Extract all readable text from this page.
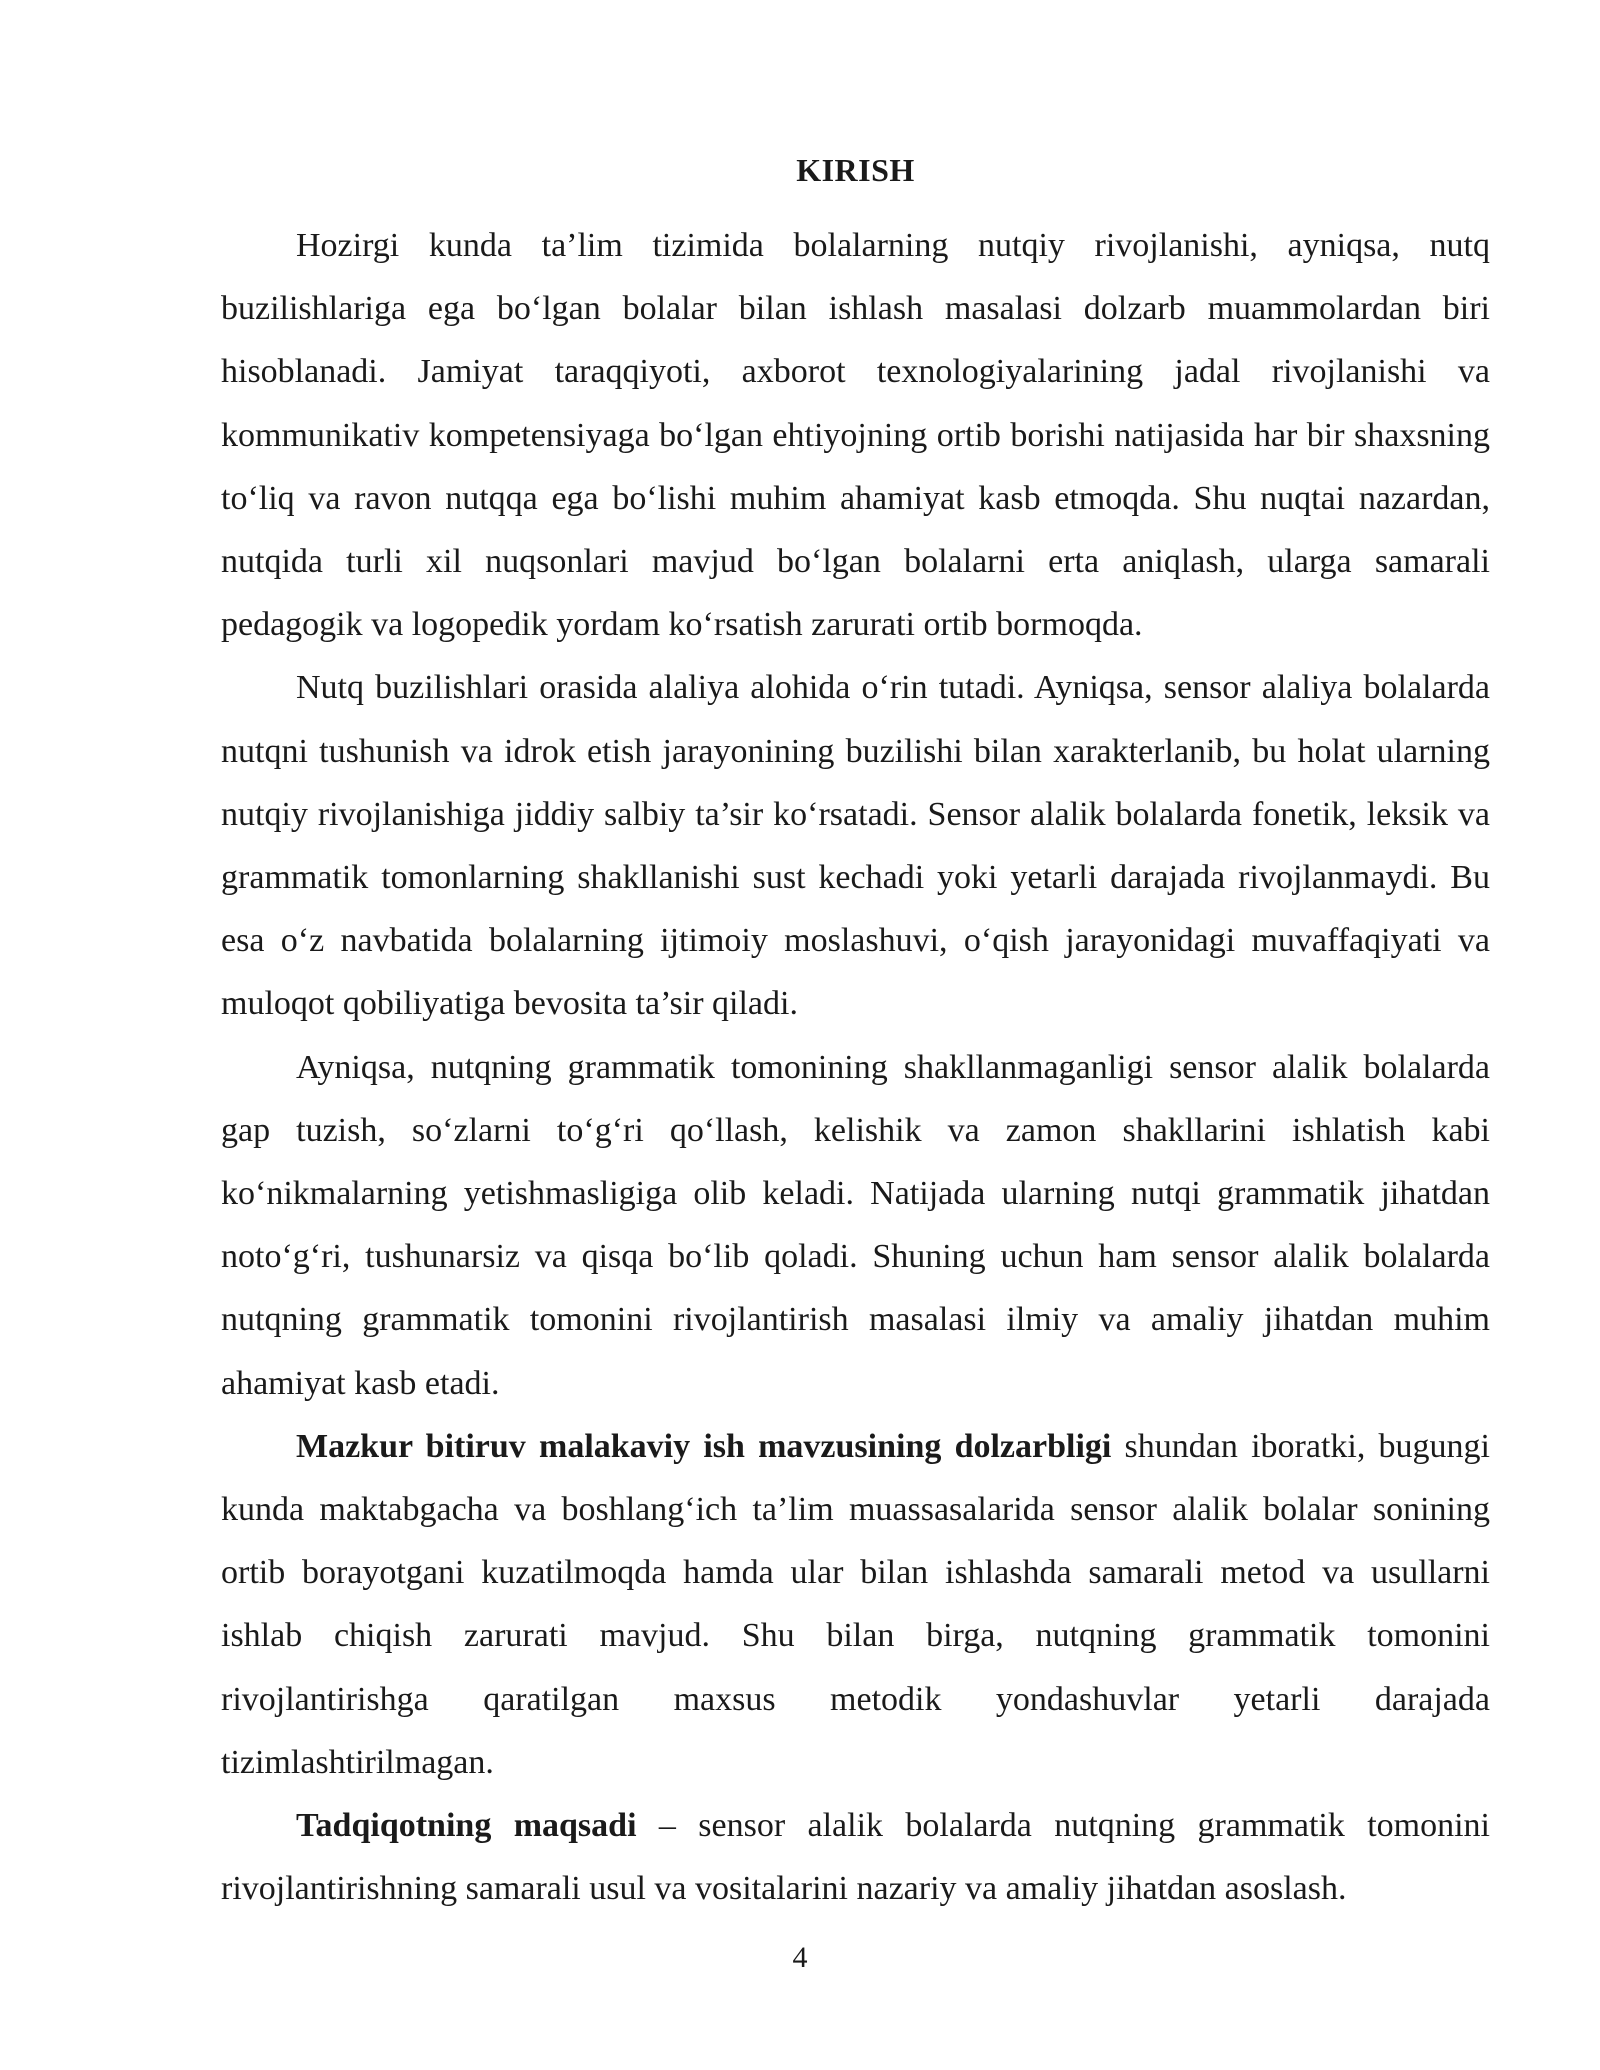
KIRISH

Hozirgi kunda ta’lim tizimida bolalarning nutqiy rivojlanishi, ayniqsa, nutq buzilishlariga ega bo‘lgan bolalar bilan ishlash masalasi dolzarb muammolardan biri hisoblanadi. Jamiyat taraqqiyoti, axborot texnologiyalarining jadal rivojlanishi va kommunikativ kompetensiyaga bo‘lgan ehtiyojning ortib borishi natijasida har bir shaxsning to‘liq va ravon nutqqa ega bo‘lishi muhim ahamiyat kasb etmoqda. Shu nuqtai nazardan, nutqida turli xil nuqsonlari mavjud bo‘lgan bolalarni erta aniqlash, ularga samarali pedagogik va logopedik yordam ko‘rsatish zarurati ortib bormoqda.

Nutq buzilishlari orasida alaliya alohida o‘rin tutadi. Ayniqsa, sensor alaliya bolalarda nutqni tushunish va idrok etish jarayonining buzilishi bilan xarakterlanib, bu holat ularning nutqiy rivojlanishiga jiddiy salbiy ta’sir ko‘rsatadi. Sensor alalik bolalarda fonetik, leksik va grammatik tomonlarning shakllanishi sust kechadi yoki yetarli darajada rivojlanmaydi. Bu esa o‘z navbatida bolalarning ijtimoiy moslashuvi, o‘qish jarayonidagi muvaffaqiyati va muloqot qobiliyatiga bevosita ta’sir qiladi.

Ayniqsa, nutqning grammatik tomonining shakllanmaganligi sensor alalik bolalarda gap tuzish, so‘zlarni to‘g‘ri qo‘llash, kelishik va zamon shakllarini ishlatish kabi ko‘nikmalarning yetishmasligiga olib keladi. Natijada ularning nutqi grammatik jihatdan noto‘g‘ri, tushunarsiz va qisqa bo‘lib qoladi. Shuning uchun ham sensor alalik bolalarda nutqning grammatik tomonini rivojlantirish masalasi ilmiy va amaliy jihatdan muhim ahamiyat kasb etadi.

Mazkur bitiruv malakaviy ish mavzusining dolzarbligi shundan iboratki, bugungi kunda maktabgacha va boshlang‘ich ta’lim muassasalarida sensor alalik bolalar sonining ortib borayotgani kuzatilmoqda hamda ular bilan ishlashda samarali metod va usullarni ishlab chiqish zarurati mavjud. Shu bilan birga, nutqning grammatik tomonini rivojlantirishga qaratilgan maxsus metodik yondashuvlar yetarli darajada tizimlashtirilmagan.

Tadqiqotning maqsadi – sensor alalik bolalarda nutqning grammatik tomonini rivojlantirishning samarali usul va vositalarini nazariy va amaliy jihatdan asoslash.

4
